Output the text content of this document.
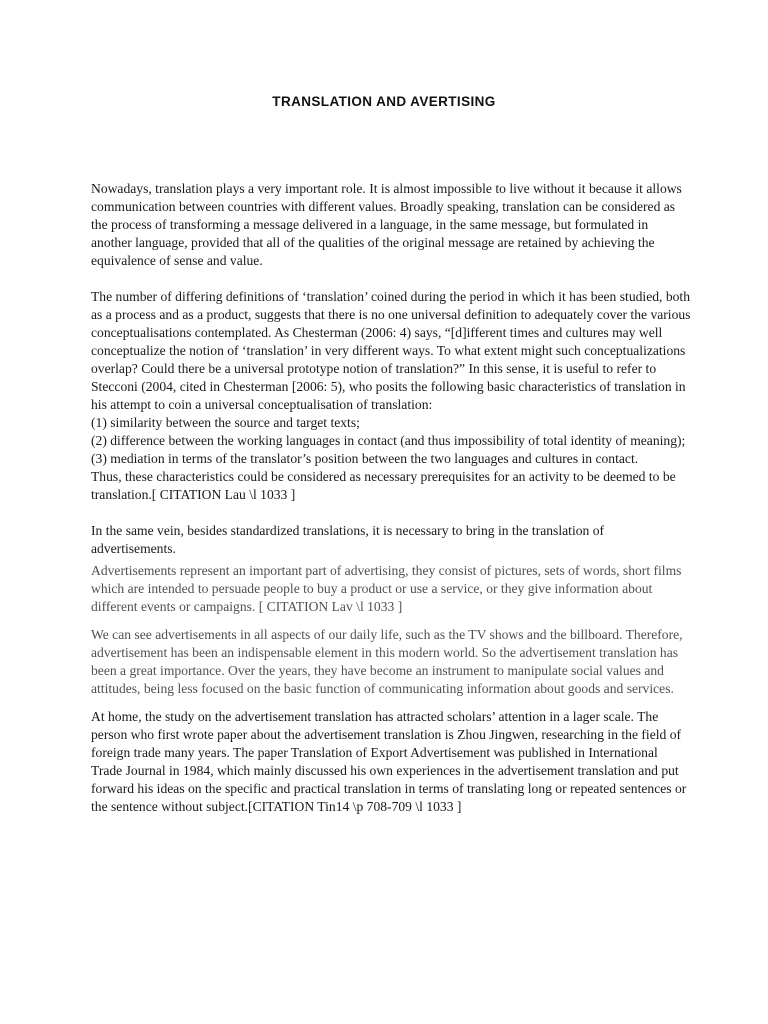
TRANSLATION AND AVERTISING

Nowadays, translation plays a very important role. It is almost impossible to live without it because it allows communication between countries with different values. Broadly speaking, translation can be considered as the process of transforming a message delivered in a language, in the same message, but formulated in another language, provided that all of the qualities of the original message are retained by achieving the equivalence of sense and value.

The number of differing definitions of ‘translation’ coined during the period in which it has been studied, both as a process and as a product, suggests that there is no one universal definition to adequately cover the various conceptualisations contemplated. As Chesterman (2006: 4) says, “[d]ifferent times and cultures may well conceptualize the notion of ‘translation’ in very different ways. To what extent might such conceptualizations overlap? Could there be a universal prototype notion of translation?” In this sense, it is useful to refer to Stecconi (2004, cited in Chesterman [2006: 5), who posits the following basic characteristics of translation in his attempt to coin a universal conceptualisation of translation:

(1) similarity between the source and target texts;

(2) difference between the working languages in contact (and thus impossibility of total identity of meaning);

(3) mediation in terms of the translator’s position between the two languages and cultures in contact.

Thus, these characteristics could be considered as necessary prerequisites for an activity to be deemed to be translation.[ CITATION Lau \l 1033 ]

In the same vein, besides standardized translations, it is necessary to bring in the translation of advertisements.

Advertisements represent an important part of advertising, they consist of pictures, sets of words, short films which are intended to persuade people to buy a product or use a service, or they give information about different events or campaigns. [ CITATION Lav \l 1033 ]

We can see advertisements in all aspects of our daily life, such as the TV shows and the billboard. Therefore, advertisement has been an indispensable element in this modern world. So the advertisement translation has been a great importance. Over the years, they have become an instrument to manipulate social values and attitudes, being less focused on the basic function of communicating information about goods and services.

At home, the study on the advertisement translation has attracted scholars’ attention in a lager scale. The person who first wrote paper about the advertisement translation is Zhou Jingwen, researching in the field of foreign trade many years. The paper Translation of Export Advertisement was published in International Trade Journal in 1984, which mainly discussed his own experiences in the advertisement translation and put forward his ideas on the specific and practical translation in terms of translating long or repeated sentences or the sentence without subject.[CITATION Tin14 \p 708-709 \l 1033 ]
